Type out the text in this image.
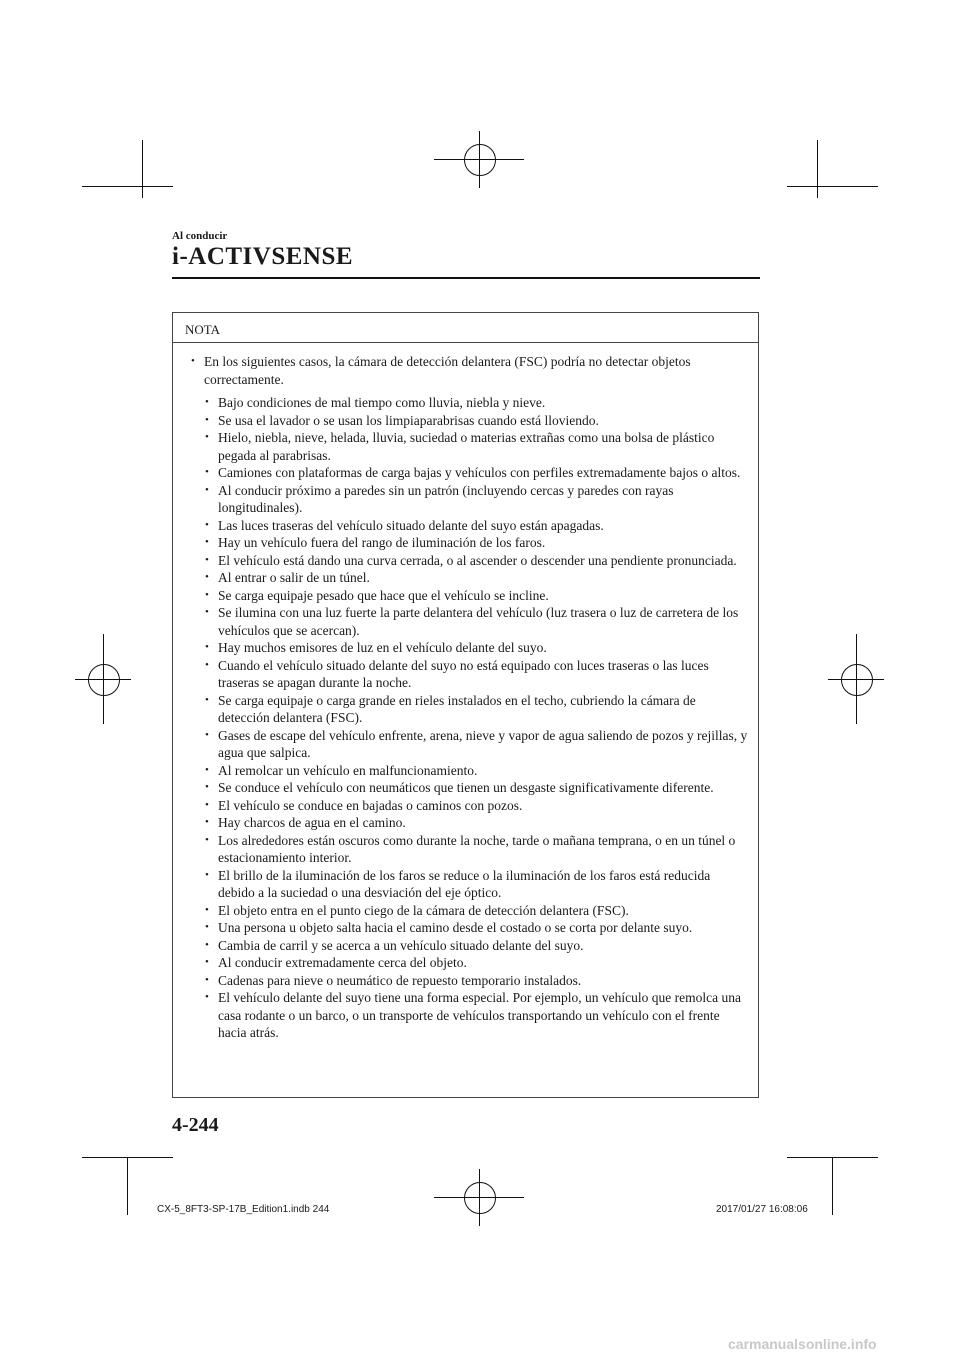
Al conducir
i-ACTIVSENSE
NOTA
• En los siguientes casos, la cámara de detección delantera (FSC) podría no detectar objetos correctamente.
• Bajo condiciones de mal tiempo como lluvia, niebla y nieve.
• Se usa el lavador o se usan los limpiaparabrisas cuando está lloviendo.
• Hielo, niebla, nieve, helada, lluvia, suciedad o materias extrañas como una bolsa de plástico pegada al parabrisas.
• Camiones con plataformas de carga bajas y vehículos con perfiles extremadamente bajos o altos.
• Al conducir próximo a paredes sin un patrón (incluyendo cercas y paredes con rayas longitudinales).
• Las luces traseras del vehículo situado delante del suyo están apagadas.
• Hay un vehículo fuera del rango de iluminación de los faros.
• El vehículo está dando una curva cerrada, o al ascender o descender una pendiente pronunciada.
• Al entrar o salir de un túnel.
• Se carga equipaje pesado que hace que el vehículo se incline.
• Se ilumina con una luz fuerte la parte delantera del vehículo (luz trasera o luz de carretera de los vehículos que se acercan).
• Hay muchos emisores de luz en el vehículo delante del suyo.
• Cuando el vehículo situado delante del suyo no está equipado con luces traseras o las luces traseras se apagan durante la noche.
• Se carga equipaje o carga grande en rieles instalados en el techo, cubriendo la cámara de detección delantera (FSC).
• Gases de escape del vehículo enfrente, arena, nieve y vapor de agua saliendo de pozos y rejillas, y agua que salpica.
• Al remolcar un vehículo en malfuncionamiento.
• Se conduce el vehículo con neumáticos que tienen un desgaste significativamente diferente.
• El vehículo se conduce en bajadas o caminos con pozos.
• Hay charcos de agua en el camino.
• Los alrededores están oscuros como durante la noche, tarde o mañana temprana, o en un túnel o estacionamiento interior.
• El brillo de la iluminación de los faros se reduce o la iluminación de los faros está reducida debido a la suciedad o una desviación del eje óptico.
• El objeto entra en el punto ciego de la cámara de detección delantera (FSC).
• Una persona u objeto salta hacia el camino desde el costado o se corta por delante suyo.
• Cambia de carril y se acerca a un vehículo situado delante del suyo.
• Al conducir extremadamente cerca del objeto.
• Cadenas para nieve o neumático de repuesto temporario instalados.
• El vehículo delante del suyo tiene una forma especial. Por ejemplo, un vehículo que remolca una casa rodante o un barco, o un transporte de vehículos transportando un vehículo con el frente hacia atrás.
4-244
CX-5_8FT3-SP-17B_Edition1.indb 244	2017/01/27 16:08:06
carmanualsonline.info
